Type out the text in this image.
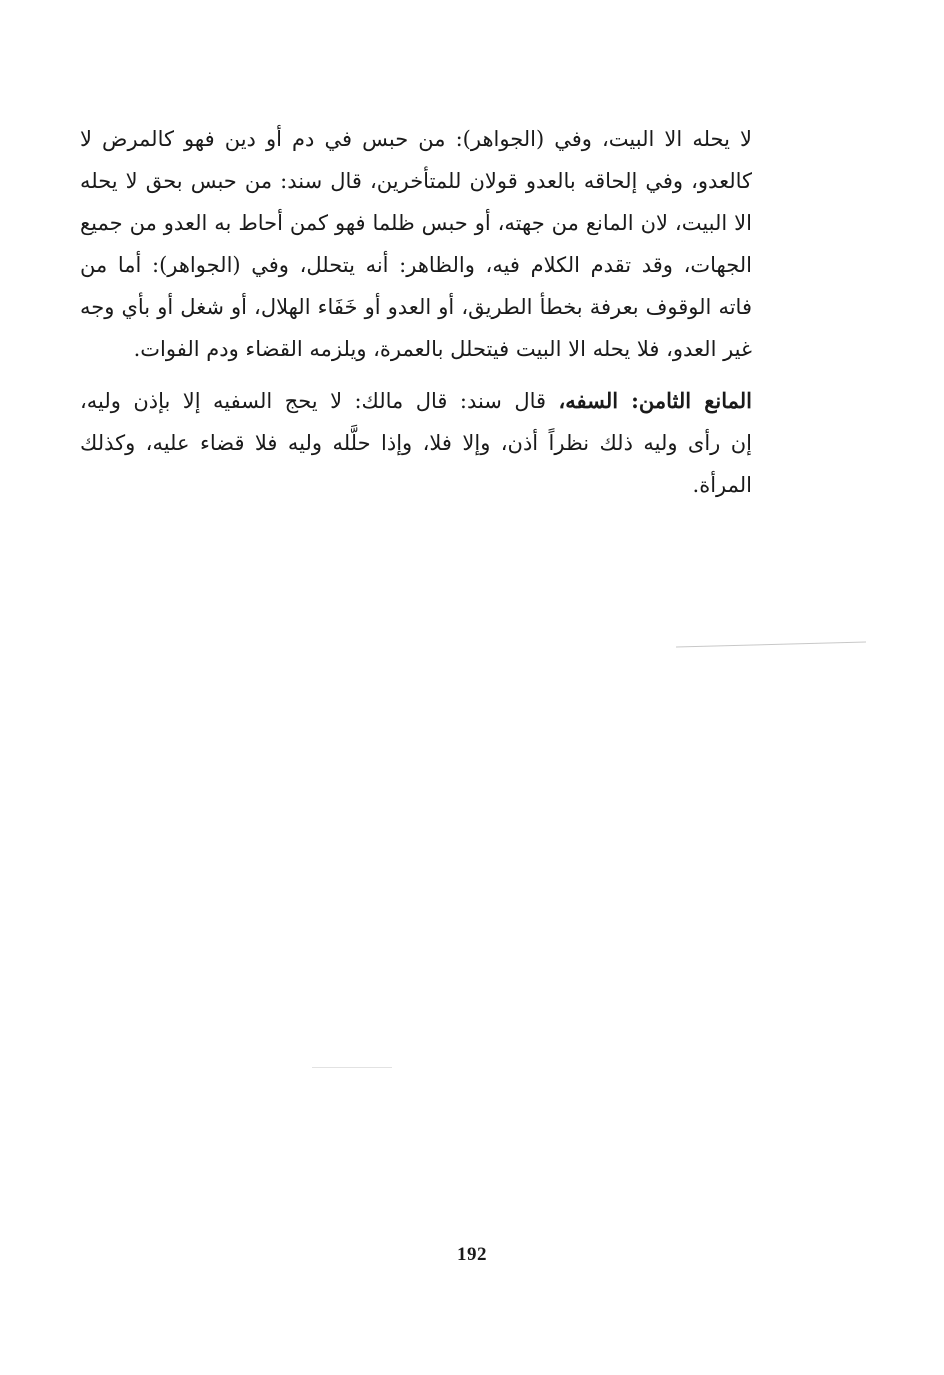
لا يحله الا البيت، وفي (الجواهر): من حبس في دم أو دين فهو كالمرض لا
كالعدو، وفي إلحاقه بالعدو قولان للمتأخرين، قال سند: من حبس بحق لا يحله
الا البيت، لان المانع من جهته، أو حبس ظلما فهو كمن أحاط به العدو من جميع
الجهات، وقد تقدم الكلام فيه، والظاهر: أنه يتحلل، وفي (الجواهر): أما من
فاته الوقوف بعرفة بخطأ الطريق، أو العدو أو خَفَاء الهلال، أو شغل أو بأي وجه
غير العدو، فلا يحله الا البيت فيتحلل بالعمرة، ويلزمه القضاء ودم الفوات.
المانع الثامن: السفه، قال سند: قال مالك: لا يحج السفيه إلا بإذن وليه،
إن رأى وليه ذلك نظراً أذن، وإلا فلا، وإذا حلَّله وليه فلا قضاء عليه، وكذلك
المرأة.
192
